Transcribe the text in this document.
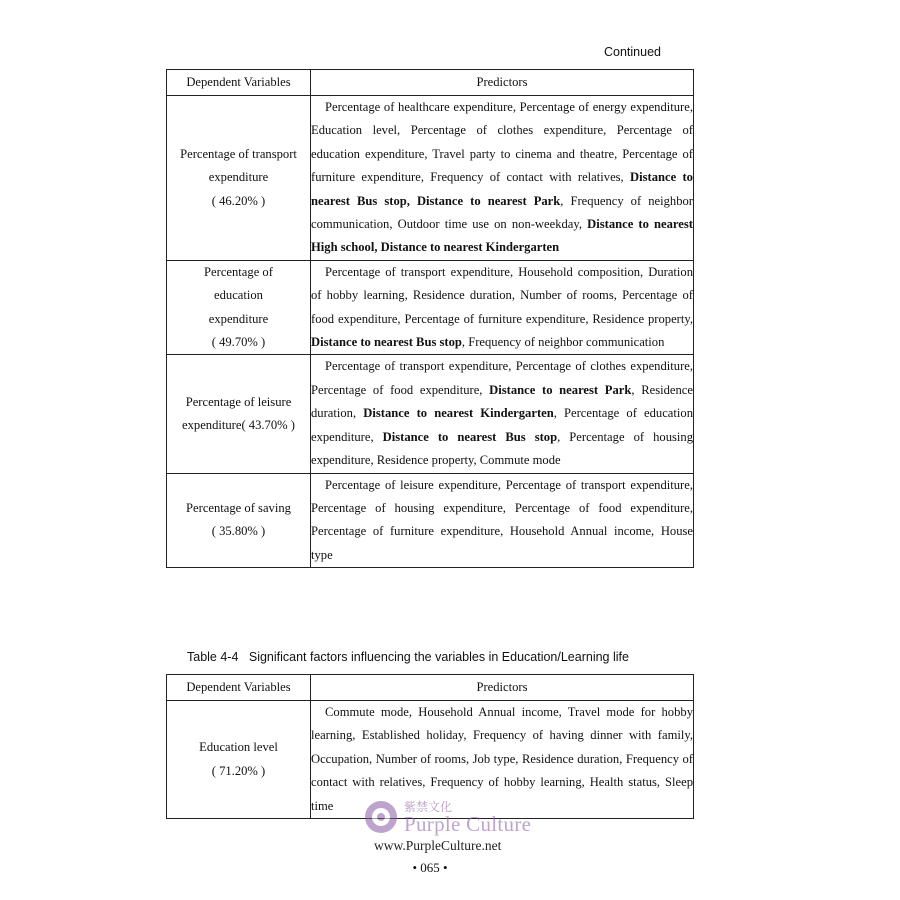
Continued
Dependent Variables	Predictors

Percentage of transport expenditure
( 46.20% )	Percentage of healthcare expenditure, Percentage of energy expenditure, Education level, Percentage of clothes expenditure, Percentage of education expenditure, Travel party to cinema and theatre, Percentage of furniture expenditure, Frequency of contact with relatives, Distance to nearest Bus stop, Distance to nearest Park, Frequency of neighbor communication, Outdoor time use on non-weekday, Distance to nearest High school, Distance to nearest Kindergarten

Percentage of education expenditure
( 49.70% )	Percentage of transport expenditure, Household composition, Duration of hobby learning, Residence duration, Number of rooms, Percentage of food expenditure, Percentage of furniture expenditure, Residence property, Distance to nearest Bus stop, Frequency of neighbor communication

Percentage of leisure expenditure( 43.70% )	Percentage of transport expenditure, Percentage of clothes expenditure, Percentage of food expenditure, Distance to nearest Park, Residence duration, Distance to nearest Kindergarten, Percentage of education expenditure, Distance to nearest Bus stop, Percentage of housing expenditure, Residence property, Commute mode

Percentage of saving
( 35.80% )	Percentage of leisure expenditure, Percentage of transport expenditure, Percentage of housing expenditure, Percentage of food expenditure, Percentage of furniture expenditure, Household Annual income, House type
Table 4-4 Significant factors influencing the variables in Education/Learning life
Dependent Variables	Predictors

Education level
( 71.20% )	Commute mode, Household Annual income, Travel mode for hobby learning, Established holiday, Frequency of having dinner with family, Occupation, Number of rooms, Job type, Residence duration, Frequency of contact with relatives, Frequency of hobby learning, Health status, Sleep time	紫禁文化
Purple Culture
www.PurpleCulture.net
• 065 •
